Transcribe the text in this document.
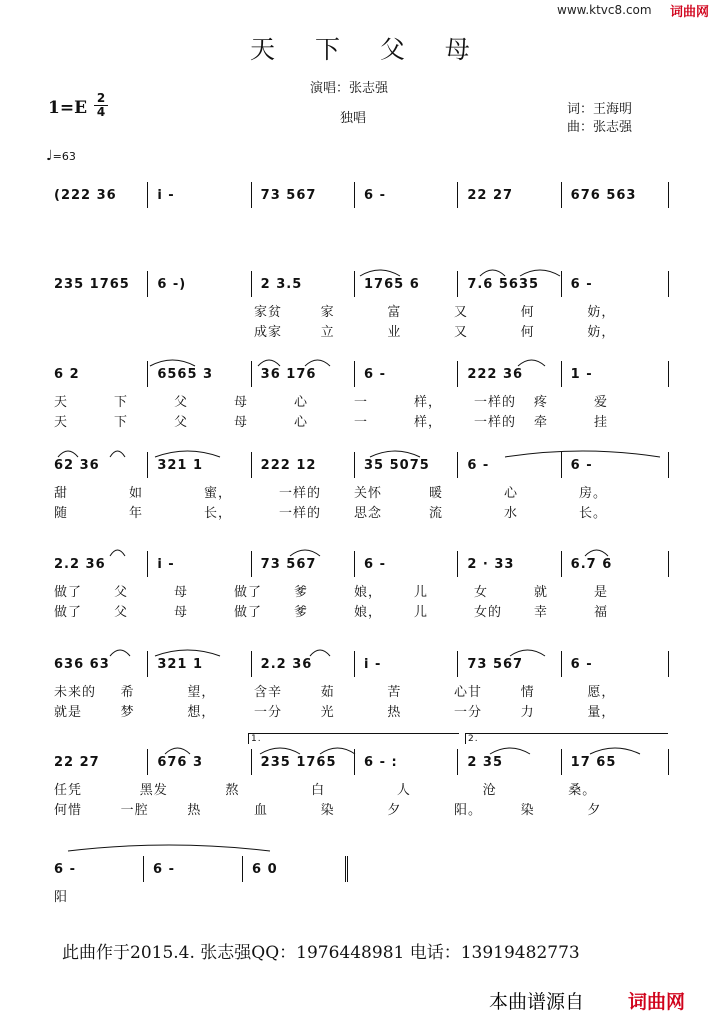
www.ktvc8.com 词曲网
天 下 父 母
演唱：张志强
1=E 2
4	独唱
词：王海明
曲：张志强
♩=63
(222 36	i -	73 567	6 -	22 27	676 563
235 1765 6 -)	2 3.5	1765 6	7.6 5635 6 -
家贫	家	富	又	何	妨，
成家	立	业	又	何	妨，
6 2	6565 3	36 176	6 -	222 36	1 -
天	下	父	母	心	一	样， 一样的 疼	爱
天	下	父	母	心	一	样， 一样的 牵	挂
62 36	321 1	222 12	35 5075	6 -	6 -
甜	如	蜜，	一样的	关怀	暖	心	房。
随	年	长，	一样的	思念	流	水	长。
2.2 36	i -	73 567	6 -	2 · 33	6.7 6
做了 父	母	做了 爹	娘， 儿	女	就	是
做了 父	母	做了 爹	娘， 儿	女的 幸	福
636 63	321 1	2.2 36	i -	73 567	6 -
未来的 希	望，	含辛	茹	苦	心甘	情	愿，
就是	梦	想，	一分	光	热	一分	力	量，
22 27	676 3	235 1765 6 - :	2 35	17 65
任凭	黑发	熬	白	人	沧	桑。
何惜	一腔	热	血	染	夕	阳。	染	夕
1.	2.
6 -	6 -	6 0
阳
此曲作于2015.4. 张志强QQ：1976448981 电话：13919482773
本曲谱源自 词曲网
